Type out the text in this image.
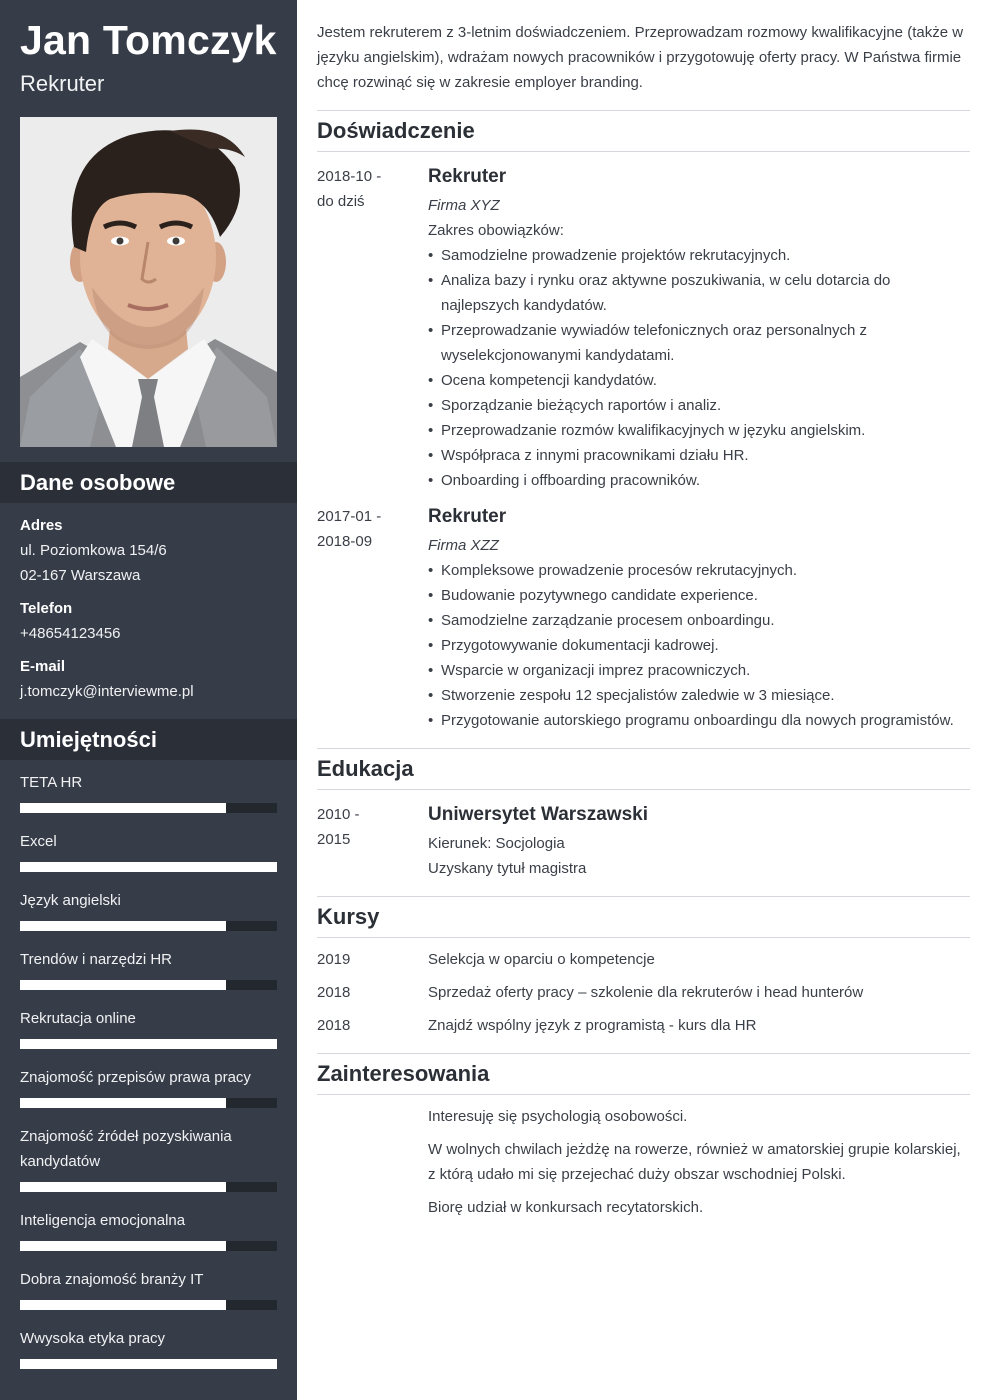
Jan Tomczyk
Rekruter
Dane osobowe
Adres
ul. Poziomkowa 154/6
02-167 Warszawa
Telefon
+48654123456
E-mail
j.tomczyk@interviewme.pl
Umiejętności
TETA HR
Excel
Język angielski
Trendów i narzędzi HR
Rekrutacja online
Znajomość przepisów prawa pracy
Znajomość źródeł pozyskiwania kandydatów
Inteligencja emocjonalna
Dobra znajomość branży IT
Wwysoka etyka pracy

Jestem rekruterem z 3-letnim doświadczeniem. Przeprowadzam rozmowy kwalifikacyjne (także w języku angielskim), wdrażam nowych pracowników i przygotowuję oferty pracy. W Państwa firmie chcę rozwinąć się w zakresie employer branding.

Doświadczenie
2018-10 -
do dziś
Rekruter
Firma XYZ
Zakres obowiązków:
• Samodzielne prowadzenie projektów rekrutacyjnych.
• Analiza bazy i rynku oraz aktywne poszukiwania, w celu dotarcia do najlepszych kandydatów.
• Przeprowadzanie wywiadów telefonicznych oraz personalnych z wyselekcjonowanymi kandydatami.
• Ocena kompetencji kandydatów.
• Sporządzanie bieżących raportów i analiz.
• Przeprowadzanie rozmów kwalifikacyjnych w języku angielskim.
• Współpraca z innymi pracownikami działu HR.
• Onboarding i offboarding pracowników.
2017-01 -
2018-09
Rekruter
Firma XZZ
• Kompleksowe prowadzenie procesów rekrutacyjnych.
• Budowanie pozytywnego candidate experience.
• Samodzielne zarządzanie procesem onboardingu.
• Przygotowywanie dokumentacji kadrowej.
• Wsparcie w organizacji imprez pracowniczych.
• Stworzenie zespołu 12 specjalistów zaledwie w 3 miesiące.
• Przygotowanie autorskiego programu onboardingu dla nowych programistów.
Edukacja
2010 -
2015
Uniwersytet Warszawski
Kierunek: Socjologia
Uzyskany tytuł magistra
Kursy
2019	Selekcja w oparciu o kompetencje
2018	Sprzedaż oferty pracy – szkolenie dla rekruterów i head hunterów
2018	Znajdź wspólny język z programistą - kurs dla HR
Zainteresowania
Interesuję się psychologią osobowości.
W wolnych chwilach jeżdżę na rowerze, również w amatorskiej grupie kolarskiej, z którą udało mi się przejechać duży obszar wschodniej Polski.
Biorę udział w konkursach recytatorskich.
